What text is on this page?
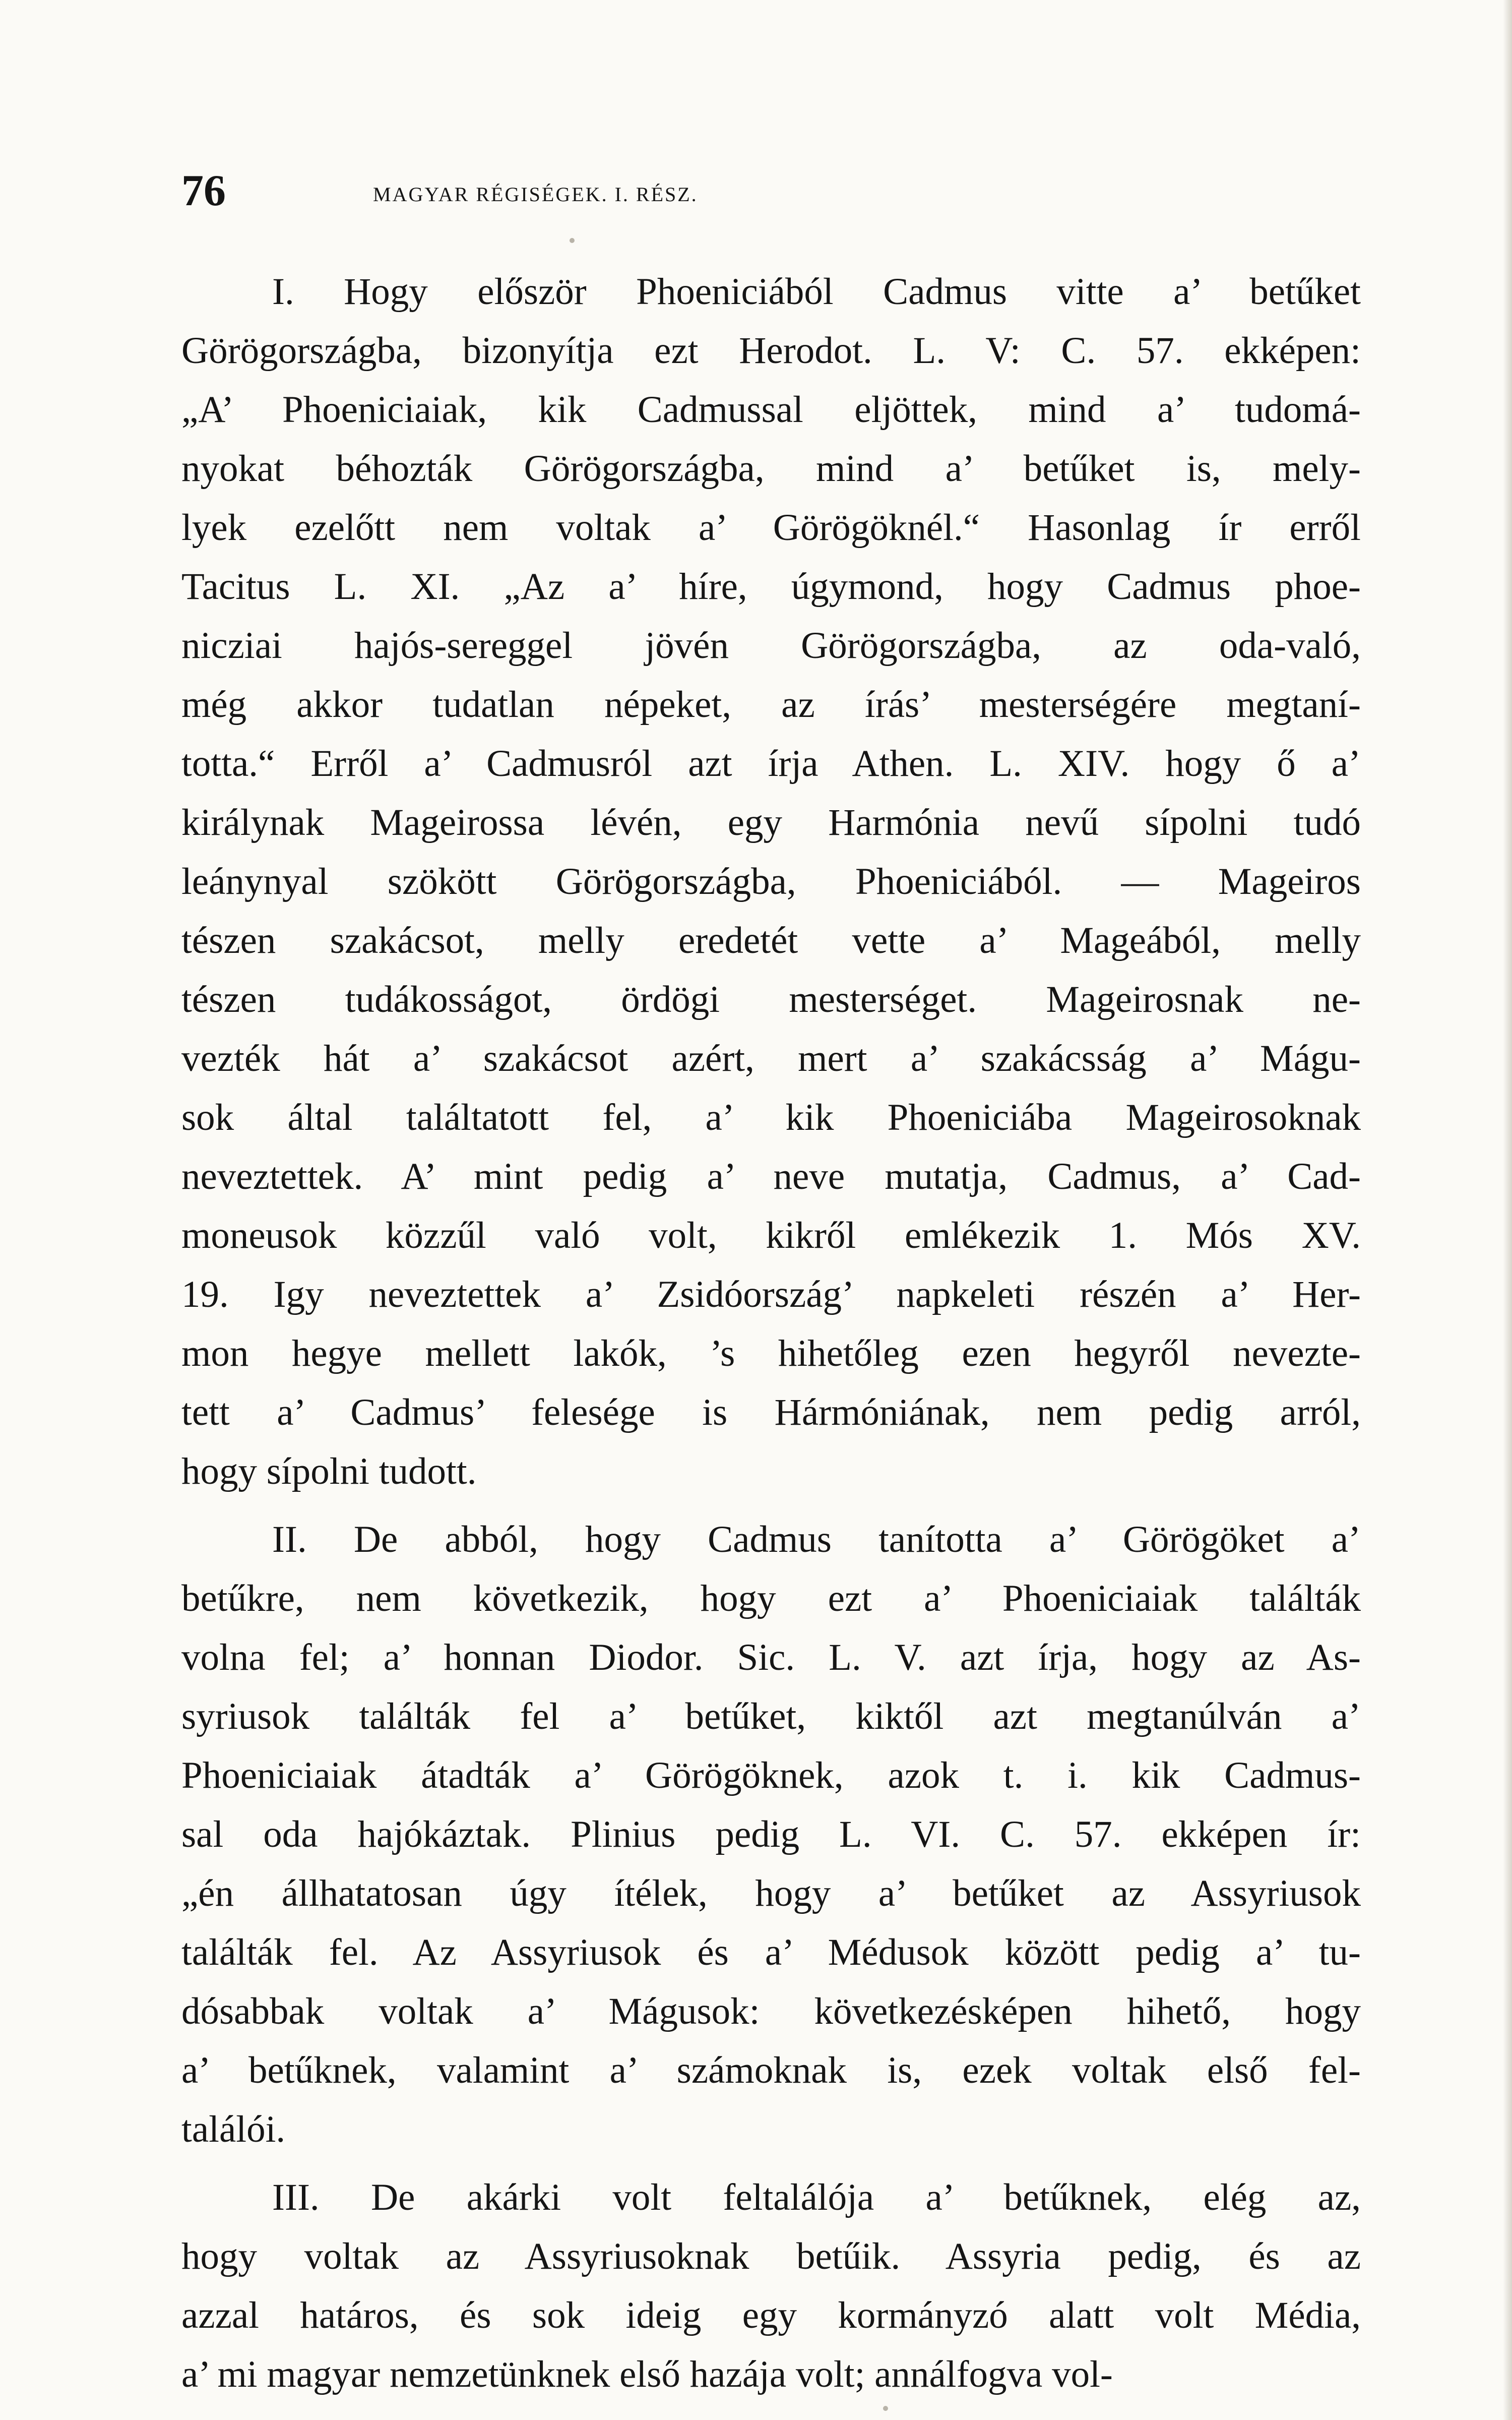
76	MAGYAR RÉGISÉGEK. I. RÉSZ.
I. Hogy először Phoeniciából Cadmus vitte a’ betűket
Görögországba, bizonyítja ezt Herodot. L. V: C. 57. ekképen:
„A’ Phoeniciaiak, kik Cadmussal eljöttek, mind a’ tudomá-
nyokat béhozták Görögországba, mind a’ betűket is, mely-
lyek ezelőtt nem voltak a’ Görögöknél.“ Hasonlag ír erről
Tacitus L. XI. „Az a’ híre, úgymond, hogy Cadmus phoe-
nicziai hajós-sereggel jövén Görögországba, az oda-való,
még akkor tudatlan népeket, az írás’ mesterségére megtaní-
totta.“ Erről a’ Cadmusról azt írja Athen. L. XIV. hogy ő a’
királynak Mageirossa lévén, egy Harmónia nevű sípolni tudó
leánynyal szökött Görögországba, Phoeniciából. — Mageiros
tészen szakácsot, melly eredetét vette a’ Mageából, melly
tészen tudákosságot, ördögi mesterséget. Mageirosnak ne-
vezték hát a’ szakácsot azért, mert a’ szakácsság a’ Mágu-
sok által találtatott fel, a’ kik Phoeniciába Mageirosoknak
neveztettek. A’ mint pedig a’ neve mutatja, Cadmus, a’ Cad-
moneusok közzűl való volt, kikről emlékezik 1. Mós XV.
19. Igy neveztettek a’ Zsidóország’ napkeleti részén a’ Her-
mon hegye mellett lakók, ’s hihetőleg ezen hegyről neveztе-
tett a’ Cadmus’ felesége is Hármóniának, nem pedig arról,
hogy sípolni tudott.
II. De abból, hogy Cadmus tanította a’ Görögöket a’
betűkre, nem következik, hogy ezt a’ Phoeniciaiak találták
volna fel; a’ honnan Diodor. Sic. L. V. azt írja, hogy az As-
syriusok találták fel a’ betűket, kiktől azt megtanúlván a’
Phoeniciaiak átadták a’ Görögöknek, azok t. i. kik Cadmus-
sal oda hajókáztak. Plinius pedig L. VI. C. 57. ekképen ír:
„én állhatatosan úgy ítélek, hogy a’ betűket az Assyriusok
találták fel. Az Assyriusok és a’ Médusok között pedig a’ tu-
dósabbak voltak a’ Mágusok: következésképen hihető, hogy
a’ betűknek, valamint a’ számoknak is, ezek voltak első fel-
találói.
III. De akárki volt feltalálója a’ betűknek, elég az,
hogy voltak az Assyriusoknak betűik. Assyria pedig, és az
azzal határos, és sok ideig egy kormányzó alatt volt Média,
a’ mi magyar nemzetünknek első hazája volt; annálfogva vol-
